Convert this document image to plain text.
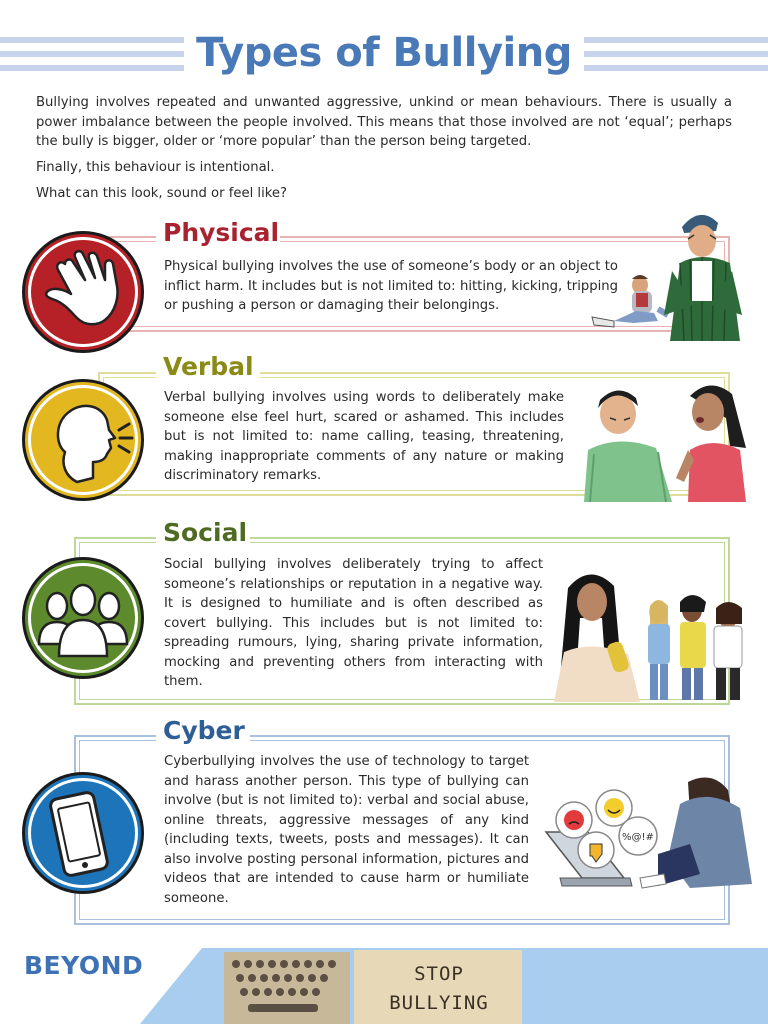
Types of Bullying

Bullying involves repeated and unwanted aggressive, unkind or mean behaviours. There is usually a power imbalance between the people involved. This means that those involved are not ‘equal’; perhaps the bully is bigger, older or ‘more popular’ than the person being targeted.

Finally, this behaviour is intentional.

What can this look, sound or feel like?

Physical

Physical bullying involves the use of someone’s body or an object to inflict harm. It includes but is not limited to: hitting, kicking, tripping or pushing a person or damaging their belongings.

Verbal

Verbal bullying involves using words to deliberately make someone else feel hurt, scared or ashamed. This includes but is not limited to: name calling, teasing, threatening, making inappropriate comments of any nature or making discriminatory remarks.

Social

Social bullying involves deliberately trying to affect someone’s relationships or reputation in a negative way. It is designed to humiliate and is often described as covert bullying. This includes but is not limited to: spreading rumours, lying, sharing private information, mocking and preventing others from interacting with them.

Cyber

Cyberbullying involves the use of technology to target and harass another person. This type of bullying can involve (but is not limited to): verbal and social abuse, online threats, aggressive messages of any kind (including texts, tweets, posts and messages). It can also involve posting personal information, pictures and videos that are intended to cause harm or humiliate someone.

%@!#
BEYOND	STOP
BULLYING
